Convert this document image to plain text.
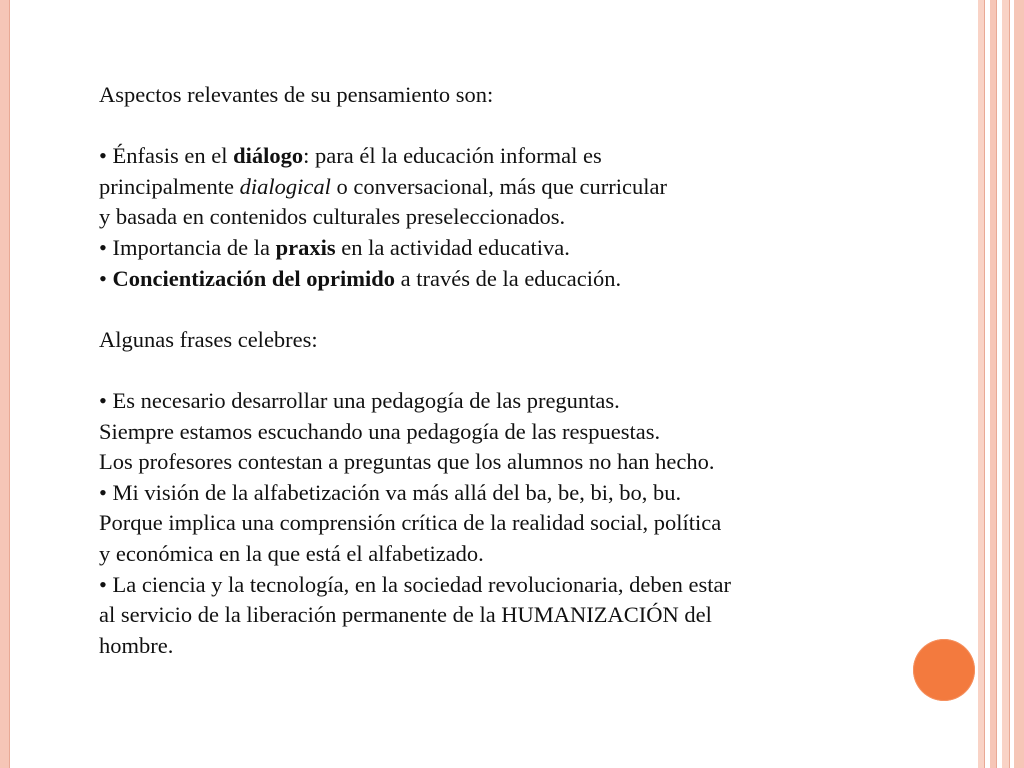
Aspectos relevantes de su pensamiento son:
• Énfasis en el diálogo: para él la educación informal es
principalmente dialogical o conversacional, más que curricular
y basada en contenidos culturales preseleccionados.
• Importancia de la praxis en la actividad educativa.
• Concientización del oprimido a través de la educación.
Algunas frases celebres:
• Es necesario desarrollar una pedagogía de las preguntas.
Siempre estamos escuchando una pedagogía de las respuestas.
Los profesores contestan a preguntas que los alumnos no han hecho.
• Mi visión de la alfabetización va más allá del ba, be, bi, bo, bu.
Porque implica una comprensión crítica de la realidad social, política
y económica en la que está el alfabetizado.
• La ciencia y la tecnología, en la sociedad revolucionaria, deben estar
al servicio de la liberación permanente de la HUMANIZACIÓN del
hombre.
